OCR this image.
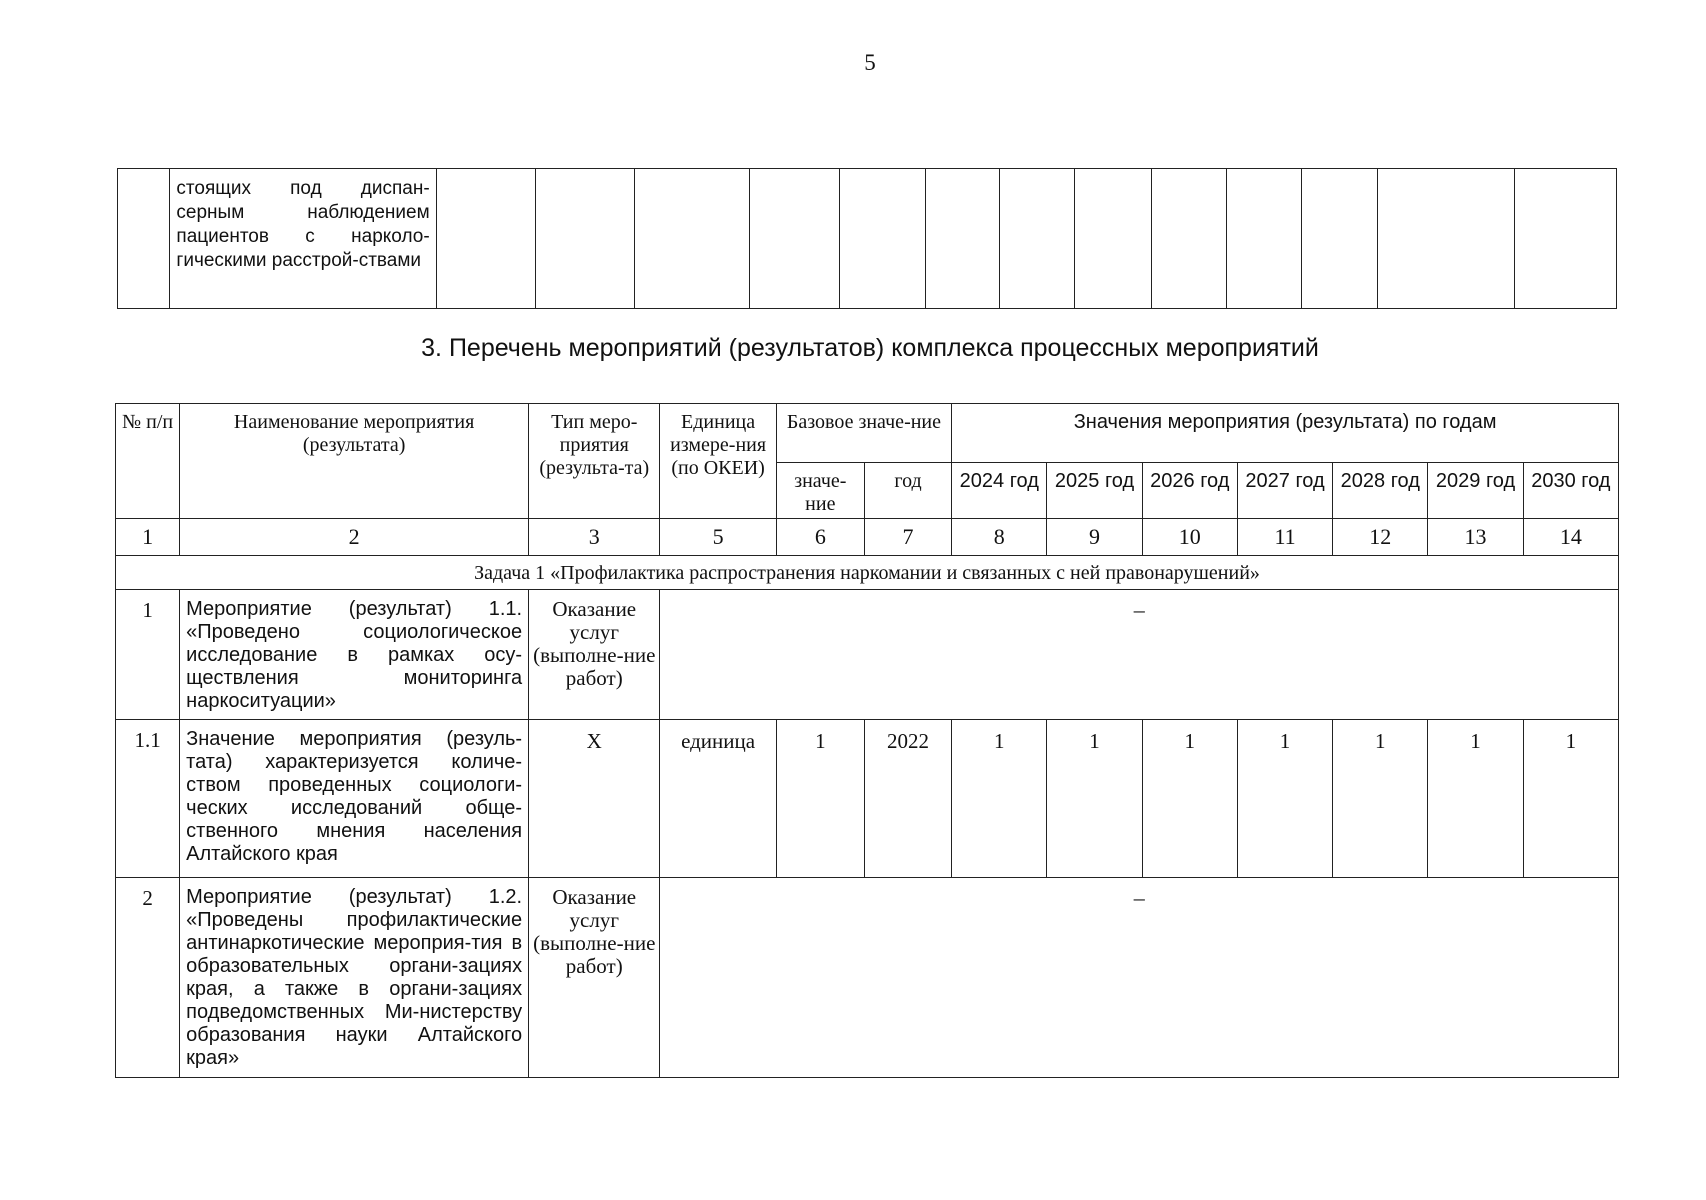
5
	стоящих под диспан-серным наблюдением пациентов с нарколо-гическими расстрой-ствами													
3. Перечень мероприятий (результатов) комплекса процессных мероприятий
№ п/п	Наименование мероприятия (результата)	Тип меро-приятия (результа-та)	Единица измере-ния (по ОКЕИ)	Базовое значе-ние		Значения мероприятия (результата) по годам						
				значе-ние	год	2024 год	2025 год	2026 год	2027 год	2028 год	2029 год	2030 год
1	2	3	5	6	7	8	9	10	11	12	13	14
Задача 1 «Профилактика распространения наркомании и связанных с ней правонарушений»												
1	Мероприятие (результат) 1.1. «Проведено социологическое исследование в рамках осу-ществления мониторинга наркоситуации»	Оказание услуг (выполне-ние работ)	–									
1.1	Значение мероприятия (резуль-тата) характеризуется количе-ством проведенных социологи-ческих исследований обще-ственного мнения населения Алтайского края	Х	единица	1	2022	1	1	1	1	1	1	1
2	Мероприятие (результат) 1.2. «Проведены профилактические антинаркотические мероприя-тия в образовательных органи-зациях края, а также в органи-зациях подведомственных Ми-нистерству образования науки Алтайского края»	Оказание услуг (выполне-ние работ)	–									
